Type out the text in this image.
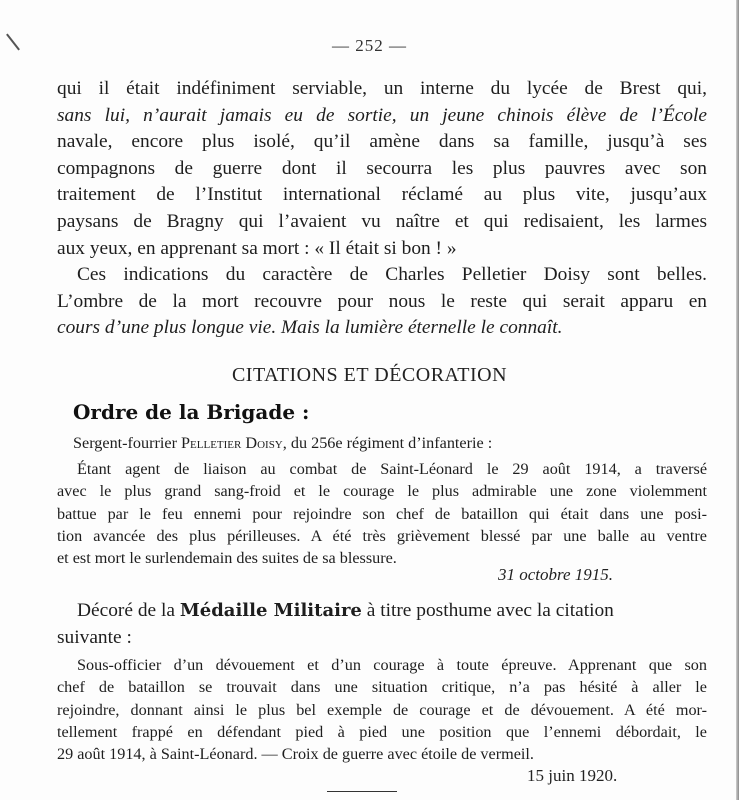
— 252 —
qui il était indéfiniment serviable, un interne du lycée de Brest qui,
sans lui, n’aurait jamais eu de sortie, un jeune chinois élève de l’École
navale, encore plus isolé, qu’il amène dans sa famille, jusqu’à ses
compagnons de guerre dont il secourra les plus pauvres avec son
traitement de l’Institut international réclamé au plus vite, jusqu’aux
paysans de Bragny qui l’avaient vu naître et qui redisaient, les larmes
aux yeux, en apprenant sa mort : « Il était si bon ! »
Ces indications du caractère de Charles Pelletier Doisy sont belles.
L’ombre de la mort recouvre pour nous le reste qui serait apparu en
cours d’une plus longue vie. Mais la lumière éternelle le connaît.
CITATIONS ET DÉCORATION
Ordre de la Brigade :
Sergent-fourrier Pelletier Doisy, du 256e régiment d’infanterie :
Étant agent de liaison au combat de Saint-Léonard le 29 août 1914, a traversé
avec le plus grand sang-froid et le courage le plus admirable une zone violemment
battue par le feu ennemi pour rejoindre son chef de bataillon qui était dans une posi-
tion avancée des plus périlleuses. A été très grièvement blessé par une balle au ventre
et est mort le surlendemain des suites de sa blessure.
31 octobre 1915.
Décoré de la Médaille Militaire à titre posthume avec la citation
suivante :
Sous-officier d’un dévouement et d’un courage à toute épreuve. Apprenant que son
chef de bataillon se trouvait dans une situation critique, n’a pas hésité à aller le
rejoindre, donnant ainsi le plus bel exemple de courage et de dévouement. A été mor-
tellement frappé en défendant pied à pied une position que l’ennemi débordait, le
29 août 1914, à Saint-Léonard. — Croix de guerre avec étoile de vermeil.
15 juin 1920.
